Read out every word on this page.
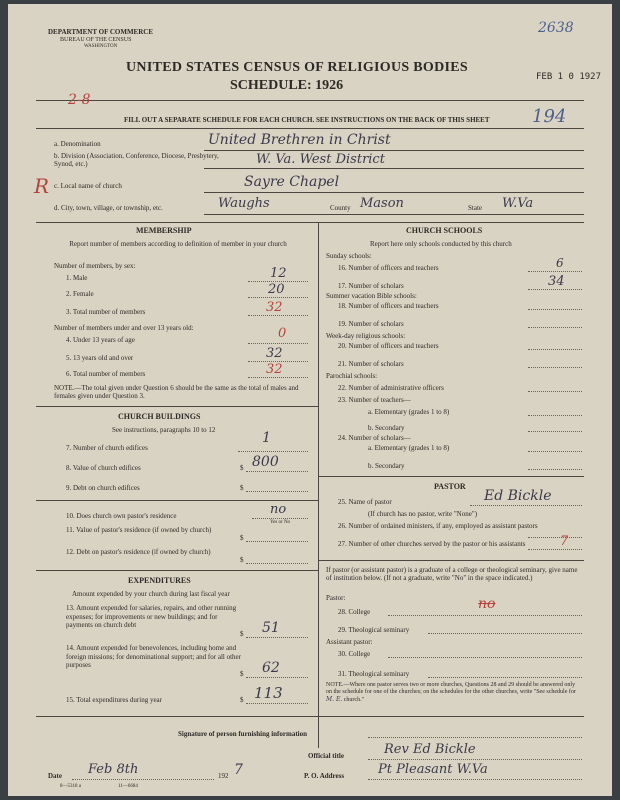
DEPARTMENT OF COMMERCE
BUREAU OF THE CENSUS
WASHINGTON
2638
UNITED STATES CENSUS OF RELIGIOUS BODIES
FEB 1 0 1927
SCHEDULE: 1926
2-8
FILL OUT A SEPARATE SCHEDULE FOR EACH CHURCH. SEE INSTRUCTIONS ON THE BACK OF THIS SHEET 194
R
a. Denomination	United Brethren in Christ
b. Division (Association, Conference, Diocese, Presbytery, Synod, etc.)	W. Va. West District
c. Local name of church	Sayre Chapel
d. City, town, village, or township, etc.	Waughs	County Mason	State W.Va
MEMBERSHIP
Report number of members according to definition of member in your church
Number of members, by sex:
1. Male	12
2. Female	20
3. Total number of members	32
Number of members under and over 13 years old:
4. Under 13 years of age	0
5. 13 years old and over	32
6. Total number of members	32
NOTE.—The total given under Question 6 should be the same as the total of males and females given under Question 3.
CHURCH BUILDINGS
See instructions, paragraphs 10 to 12
7. Number of church edifices
1
8. Value of church edifices	$ 800
9. Debt on church edifices	$
10. Does church own pastor's residence	no
Yes or No
11. Value of pastor's residence (if owned by church)
$
12. Debt on pastor's residence (if owned by church)
$
EXPENDITURES
Amount expended by your church during last fiscal year
13. Amount expended for salaries, repairs, and other running expenses; for improvements or new buildings; and for payments on church debt
$ 51
14. Amount expended for benevolences, including home and foreign missions; for denominational support; and for all other purposes
$ 62
15. Total expenditures during year	$ 113
CHURCH SCHOOLS
Report here only schools conducted by this church
Sunday schools:
16. Number of officers and teachers	6
17. Number of scholars	34
Summer vacation Bible schools:
18. Number of officers and teachers
19. Number of scholars
Week-day religious schools:
20. Number of officers and teachers
21. Number of scholars
Parochial schools:
22. Number of administrative officers
23. Number of teachers—
a. Elementary (grades 1 to 8)
b. Secondary
24. Number of scholars—
a. Elementary (grades 1 to 8)
b. Secondary
PASTOR
25. Name of pastor	Ed Bickle
(If church has no pastor, write "None")
26. Number of ordained ministers, if any, employed as assistant pastors
27. Number of other churches served by the pastor or his assistants	7
If pastor (or assistant pastor) is a graduate of a college or theological seminary, give name of institution below. (If not a graduate, write "No" in the space indicated.)
Pastor:
28. College	no
29. Theological seminary
Assistant pastor:
30. College
31. Theological seminary
NOTE.—Where one pastor serves two or more churches, Questions 28 and 29 should be answered only on the schedule for one of the churches; on the schedules for the other churches, write "See schedule for M. E. church."
Signature of person furnishing information
Official title	Rev Ed Bickle
Date Feb 8th	192 7	P. O. Address	Pt Pleasant W.Va
8—5318 a	11—6684
